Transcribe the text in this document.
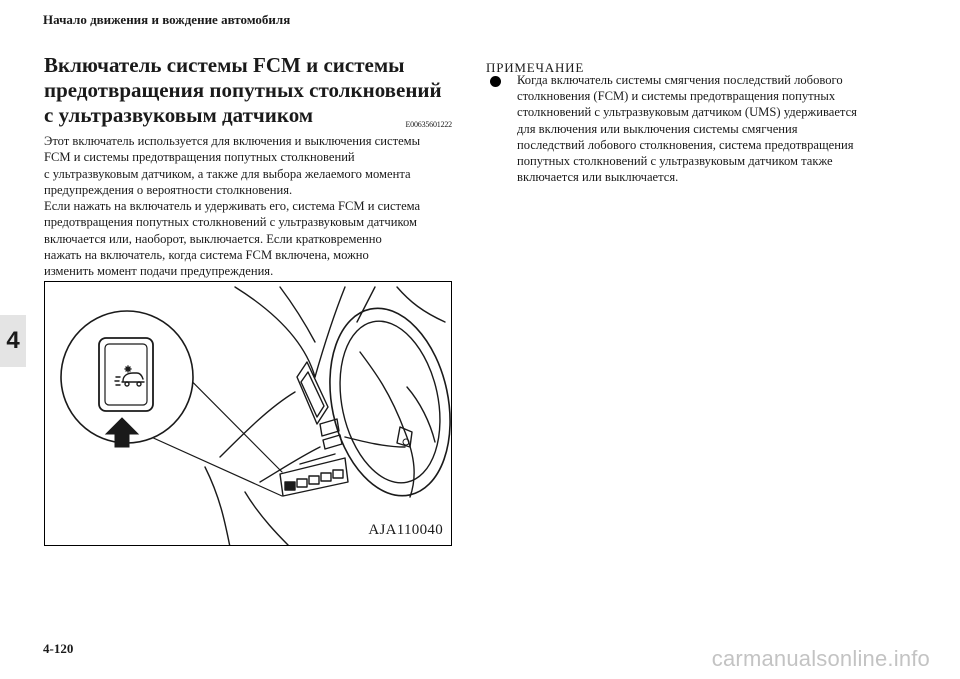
Начало движения и вождение автомобиля
4
Включатель системы FCM и системы
предотвращения попутных столкновений
с ультразвуковым датчиком	E00635601222

Этот включатель используется для включения и выключения системы
FCM и системы предотвращения попутных столкновений
с ультразвуковым датчиком, а также для выбора желаемого момента
предупреждения о вероятности столкновения.
Если нажать на включатель и удерживать его, система FCM и система
предотвращения попутных столкновений с ультразвуковым датчиком
включается или, наоборот, выключается. Если кратковременно
нажать на включатель, когда система FCM включена, можно
изменить момент подачи предупреждения.

AJA110040
ПРИМЕЧАНИЕ

Когда включатель системы смягчения последствий лобового
столкновения (FCM) и системы предотвращения попутных
столкновений с ультразвуковым датчиком (UMS) удерживается
для включения или выключения системы смягчения
последствий лобового столкновения, система предотвращения
попутных столкновений с ультразвуковым датчиком также
включается или выключается.

4-120	carmanualsonline.info
